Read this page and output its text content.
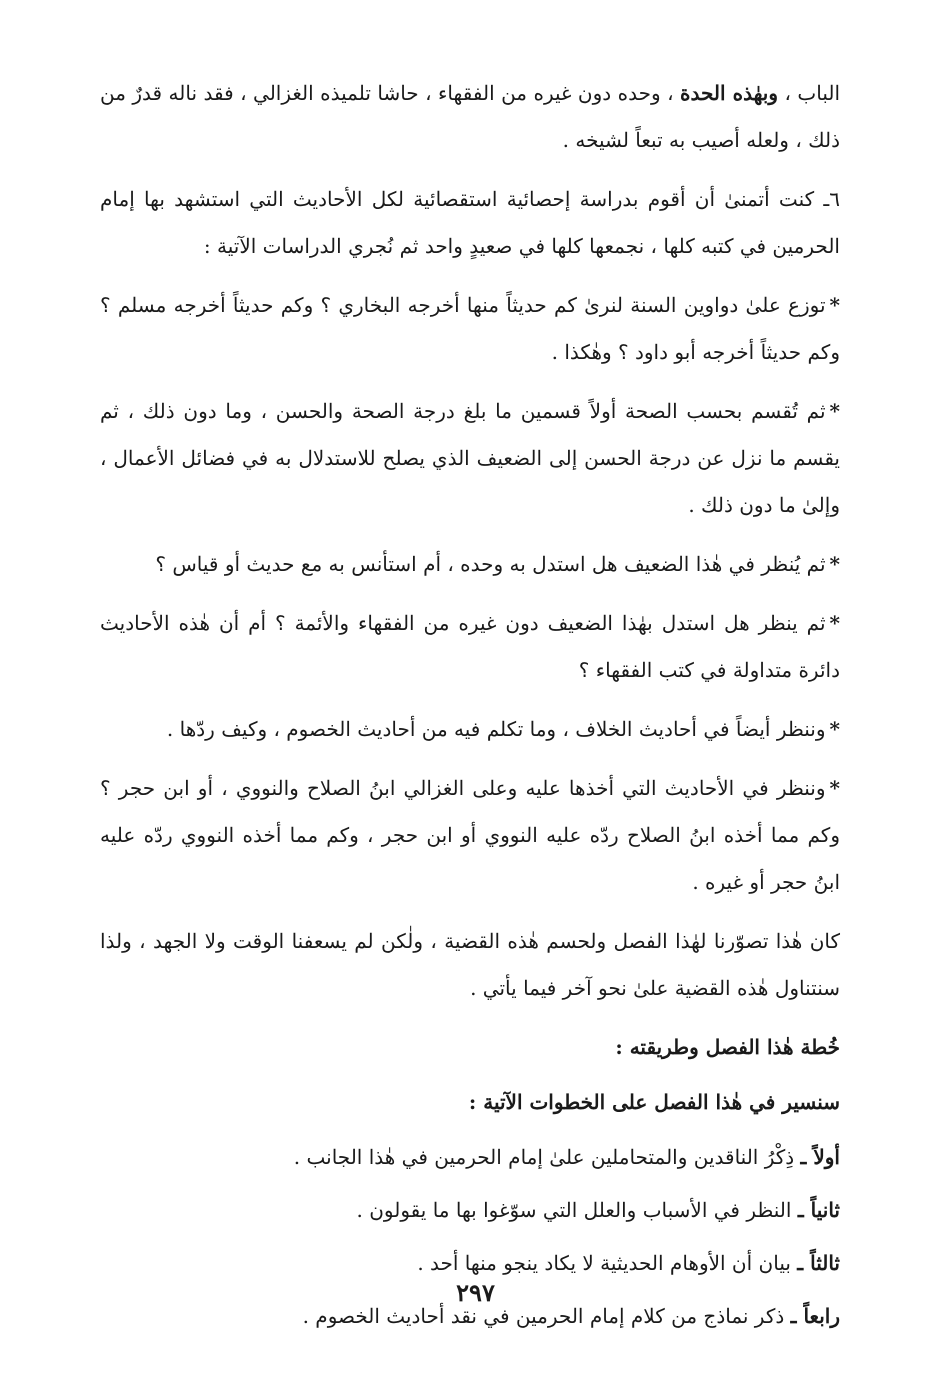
الباب ، وبهٰذه الحدة ، وحده دون غيره من الفقهاء ، حاشا تلميذه الغزالي ، فقد ناله قدرٌ من ذلك ، ولعله أصيب به تبعاً لشيخه .

٦ـ كنت أتمنىٰ أن أقوم بدراسة إحصائية استقصائية لكل الأحاديث التي استشهد بها إمام الحرمين في كتبه كلها ، نجمعها كلها في صعيدٍ واحد ثم نُجري الدراسات الآتية :

*توزع علىٰ دواوين السنة لنرىٰ كم حديثاً منها أخرجه البخاري ؟ وكم حديثاً أخرجه مسلم ؟ وكم حديثاً أخرجه أبو داود ؟ وهٰكذا .

*ثم تُقسم بحسب الصحة أولاً قسمين ما بلغ درجة الصحة والحسن ، وما دون ذلك ، ثم يقسم ما نزل عن درجة الحسن إلى الضعيف الذي يصلح للاستدلال به في فضائل الأعمال ، وإلىٰ ما دون ذلك .

*ثم يُنظر في هٰذا الضعيف هل استدل به وحده ، أم استأنس به مع حديث أو قياس ؟

*ثم ينظر هل استدل بهٰذا الضعيف دون غيره من الفقهاء والأئمة ؟ أم أن هٰذه الأحاديث دائرة متداولة في كتب الفقهاء ؟

*وننظر أيضاً في أحاديث الخلاف ، وما تكلم فيه من أحاديث الخصوم ، وكيف ردّها .

*وننظر في الأحاديث التي أخذها عليه وعلى الغزالي ابنُ الصلاح والنووي ، أو ابن حجر ؟ وكم مما أخذه ابنُ الصلاح ردّه عليه النووي أو ابن حجر ، وكم مما أخذه النووي ردّه عليه ابنُ حجر أو غيره .

كان هٰذا تصوّرنا لهٰذا الفصل ولحسم هٰذه القضية ، ولٰكن لم يسعفنا الوقت ولا الجهد ، ولذا سنتناول هٰذه القضية علىٰ نحو آخر فيما يأتي .

خُطة هٰذا الفصل وطريقته :

سنسير في هٰذا الفصل على الخطوات الآتية :

أولاً ـ ذِكْرُ الناقدين والمتحاملين علىٰ إمام الحرمين في هٰذا الجانب .

ثانياً ـ النظر في الأسباب والعلل التي سوّغوا بها ما يقولون .

ثالثاً ـ بيان أن الأوهام الحديثية لا يكاد ينجو منها أحد .

رابعاً ـ ذكر نماذج من كلام إمام الحرمين في نقد أحاديث الخصوم .

٢٩٧
